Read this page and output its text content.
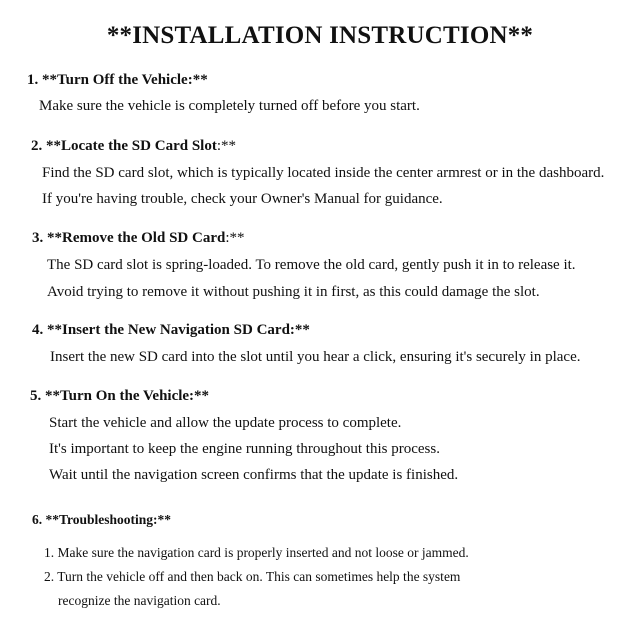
**INSTALLATION INSTRUCTION**
1. **Turn Off the Vehicle:**
Make sure the vehicle is completely turned off before you start.
2. **Locate the SD Card Slot:**
Find the SD card slot, which is typically located inside the center armrest or in the dashboard.
If you're having trouble, check your Owner's Manual for guidance.
3. **Remove the Old SD Card:**
The SD card slot is spring-loaded. To remove the old card, gently push it in to release it.
Avoid trying to remove it without pushing it in first, as this could damage the slot.
4. **Insert the New Navigation SD Card:**
Insert the new SD card into the slot until you hear a click, ensuring it's securely in place.
5. **Turn On the Vehicle:**
Start the vehicle and allow the update process to complete.
It's important to keep the engine running throughout this process.
Wait until the navigation screen confirms that the update is finished.
6. **Troubleshooting:**
1. Make sure the navigation card is properly inserted and not loose or jammed.
2. Turn the vehicle off and then back on. This can sometimes help the system
recognize the navigation card.
